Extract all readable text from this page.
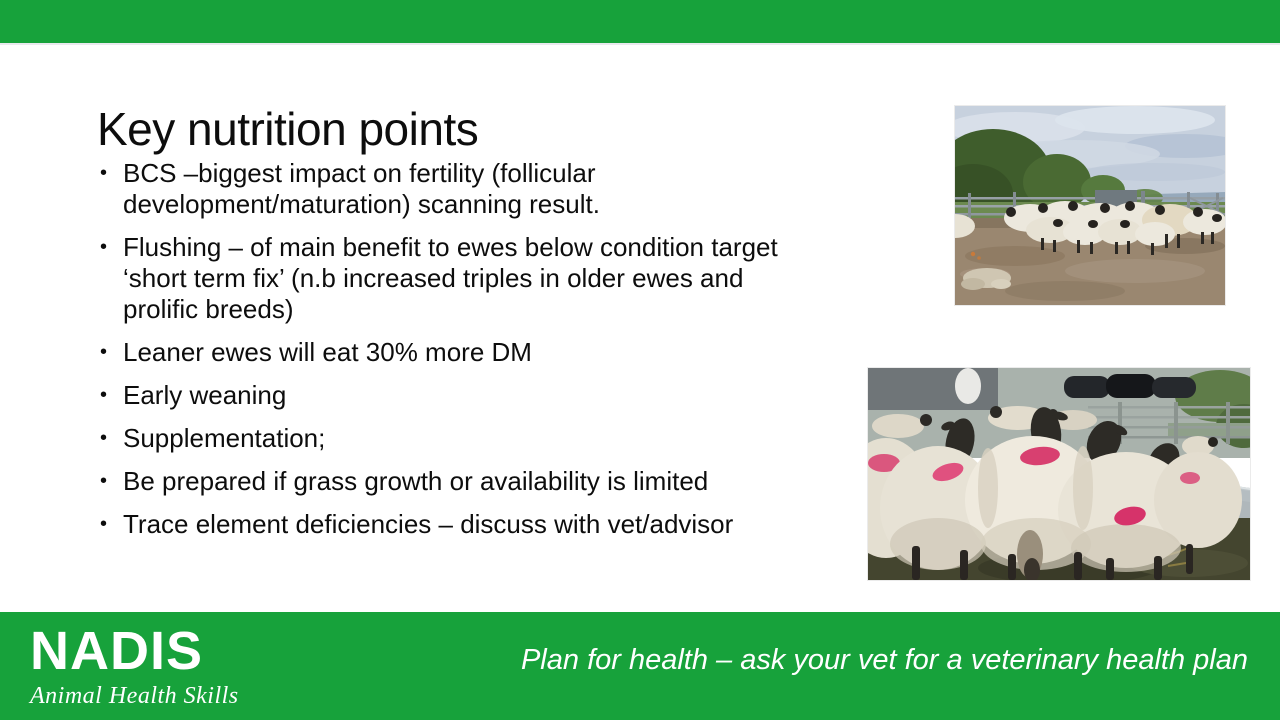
Key nutrition points
• BCS –biggest impact on fertility (follicular development/maturation) scanning result.
• Flushing – of main benefit to ewes below condition target ‘short term fix’ (n.b increased triples in older ewes and prolific breeds)
• Leaner ewes will eat 30% more DM
• Early weaning
• Supplementation;
• Be prepared if grass growth or availability is limited
• Trace element deficiencies – discuss with vet/advisor
NADIS
Animal Health Skills
Plan for health – ask your vet for a veterinary health plan
